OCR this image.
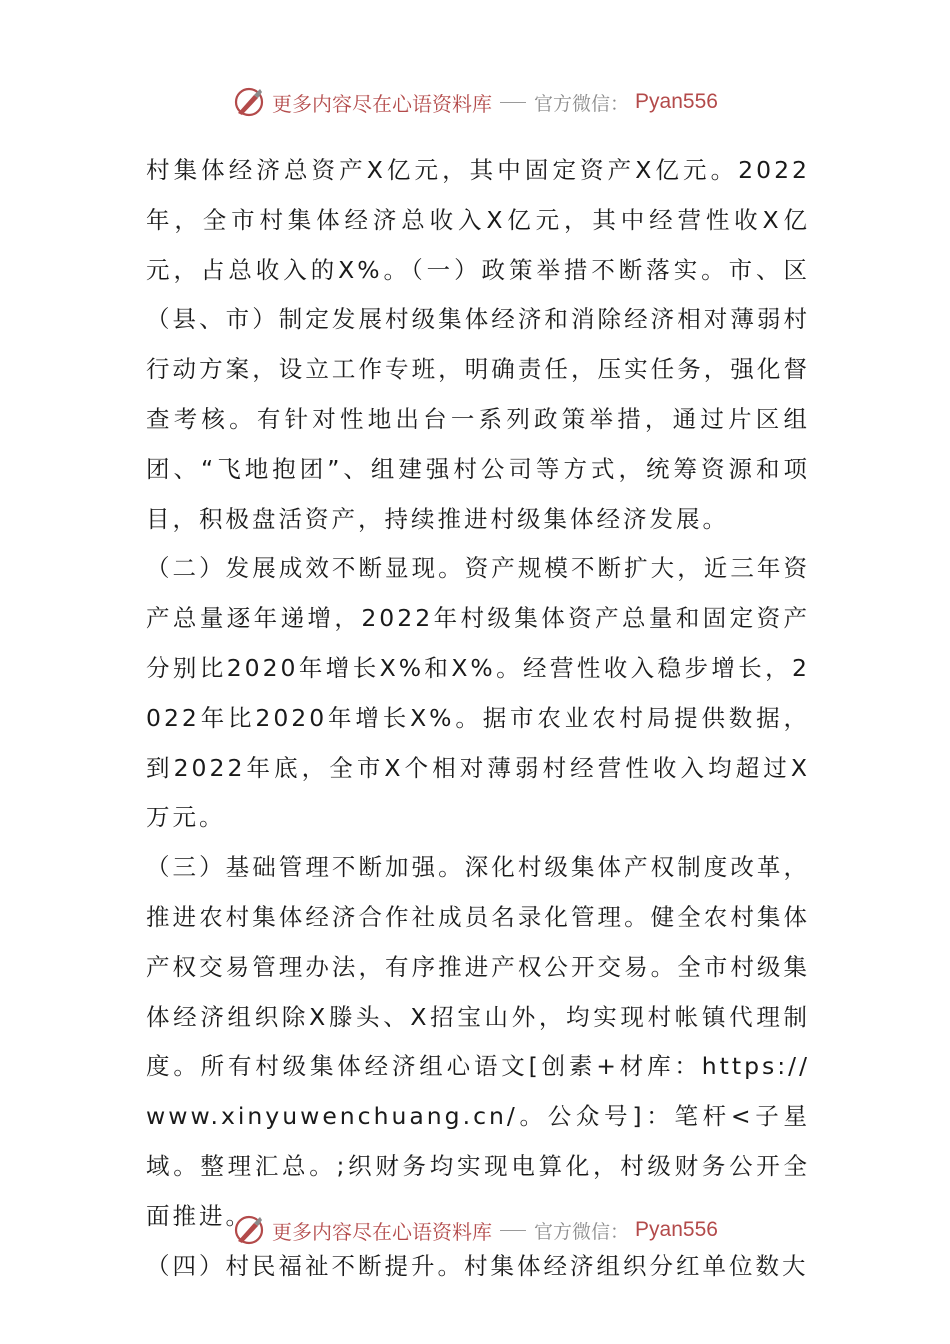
更多内容尽在心语资料库 官方微信： Pyan556

村集体经济总资产X亿元，其中固定资产X亿元。2022年，全市村集体经济总收入X亿元，其中经营性收X亿元，占总收入的X%。（一）政策举措不断落实。市、区（县、市）制定发展村级集体经济和消除经济相对薄弱村行动方案，设立工作专班，明确责任，压实任务，强化督查考核。有针对性地出台一系列政策举措，通过片区组团、“飞地抱团”、组建强村公司等方式，统筹资源和项目，积极盘活资产，持续推进村级集体经济发展。

（二）发展成效不断显现。资产规模不断扩大，近三年资产总量逐年递增，2022年村级集体资产总量和固定资产分别比2020年增长X%和X%。经营性收入稳步增长，2022年比2020年增长X%。据市农业农村局提供数据，到2022年底，全市X个相对薄弱村经营性收入均超过X万元。

（三）基础管理不断加强。深化村级集体产权制度改革，推进农村集体经济合作社成员名录化管理。健全农村集体产权交易管理办法，有序推进产权公开交易。全市村级集体经济组织除X滕头、X招宝山外，均实现村帐镇代理制度。所有村级集体经济组心语文[创素+材库：https://www.xinyuwenchuang.cn/。公众号]：笔杆<子星域。整理汇总。;织财务均实现电算化，村级财务公开全面推进。

（四）村民福祉不断提升。村集体经济组织分红单位数大

更多内容尽在心语资料库 官方微信： Pyan556
